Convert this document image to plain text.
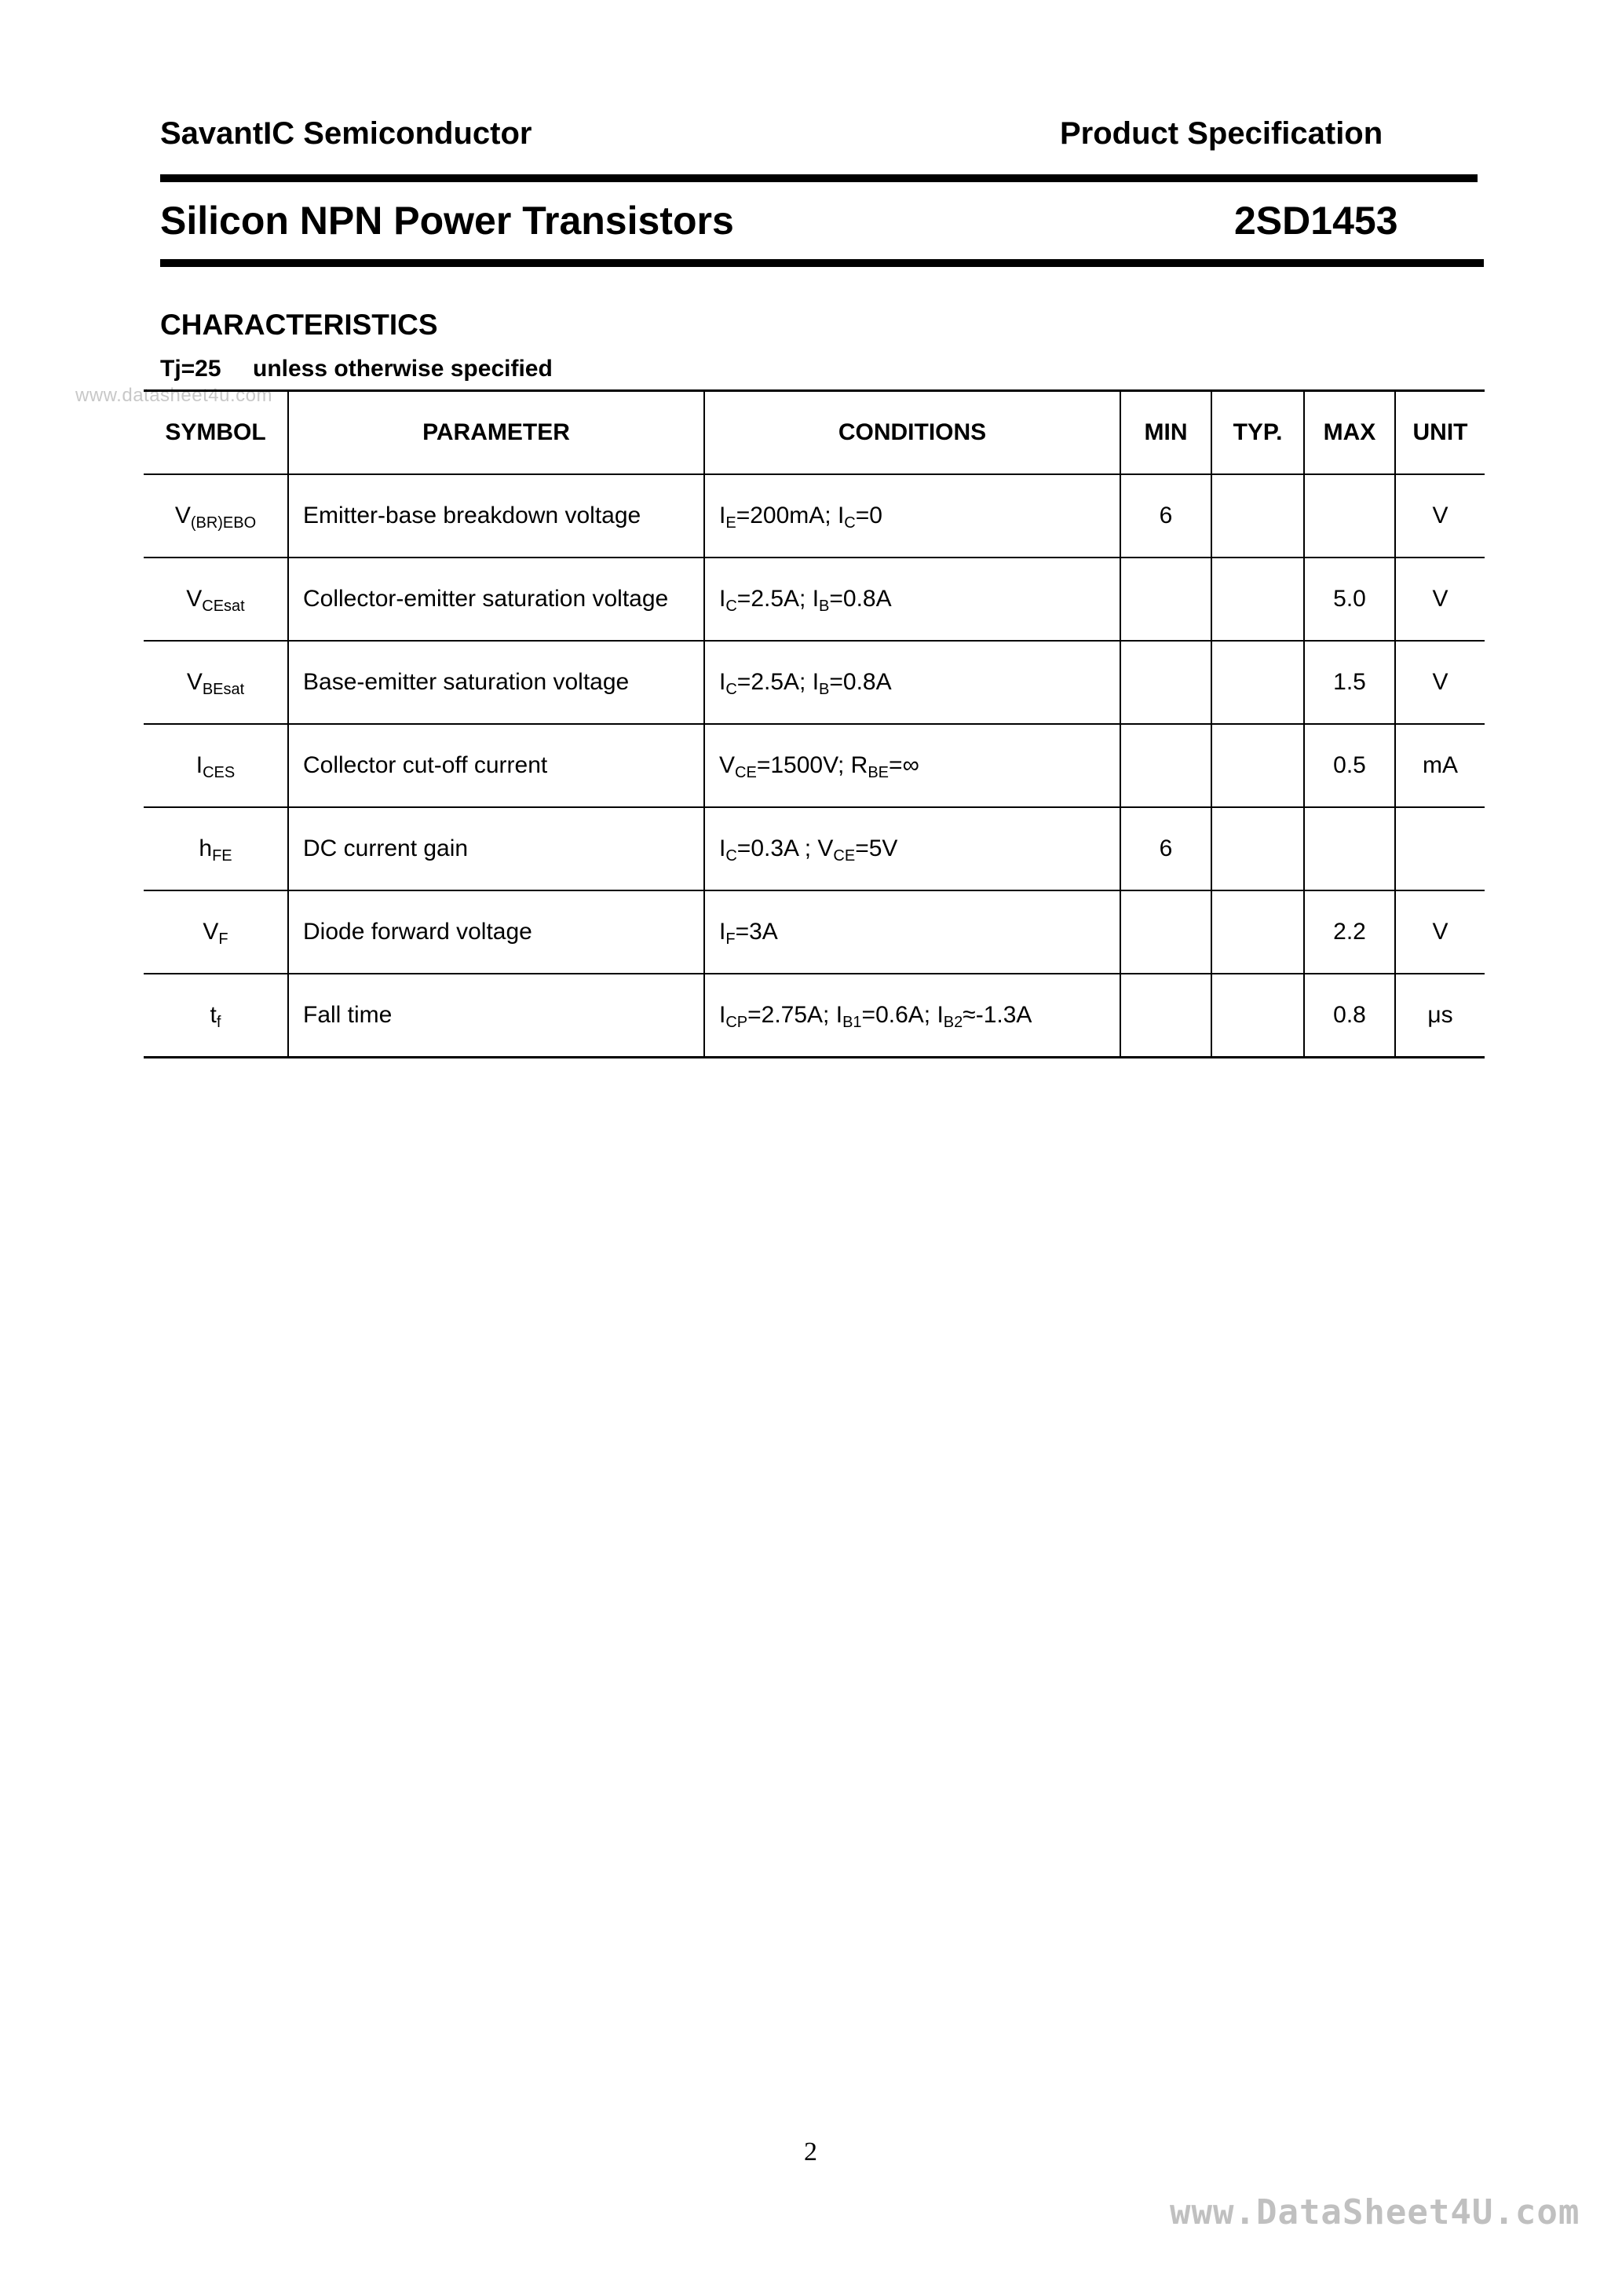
SavantIC Semiconductor	Product Specification
Silicon NPN Power Transistors	2SD1453
CHARACTERISTICS
Tj=25 unless otherwise specified
www.datasheet4u.com
SYMBOL	PARAMETER	CONDITIONS	MIN	TYP.	MAX	UNIT
$V_{(BR)EBO}$	Emitter-base breakdown voltage	$I_E=200mA$; $I_C=0$	6			V
$V_{CEsat}$	Collector-emitter saturation voltage	$I_C=2.5A$; $I_B=0.8A$			5.0	V
$V_{BEsat}$	Base-emitter saturation voltage	$I_C=2.5A$; $I_B=0.8A$			1.5	V
$I_{CES}$	Collector cut-off current	$V_{CE}=1500V$; $R_{BE}=\infty$			0.5	mA
$h_{FE}$	DC current gain	$I_C=0.3A$ ; $V_{CE}=5V$	6			
$V_F$	Diode forward voltage	$I_F=3A$			2.2	V
$t_f$	Fall time	$I_{CP}=2.75A$; $I_{B1}=0.6A$; $I_{B2}\approx-1.3A$			0.8	μs
2
www.DataSheet4U.com
